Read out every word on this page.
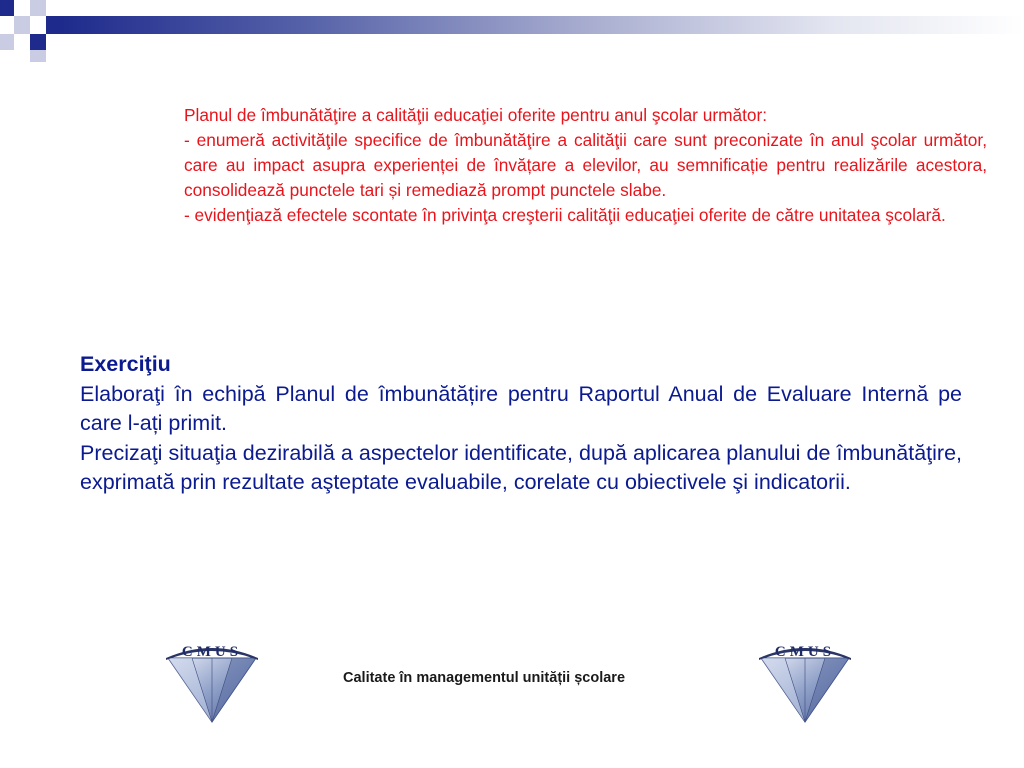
Planul de îmbunătăţire a calităţii educaţiei oferite pentru anul şcolar următor:

- enumeră activităţile specifice de îmbunătăţire a calităţii care sunt preconizate în anul şcolar următor, care au impact asupra experienței de învățare a elevilor, au semnificație pentru realizările acestora, consolidează punctele tari și remediază prompt punctele slabe.

- evidenţiază efectele scontate în privinţa creşterii calităţii educaţiei oferite de către unitatea şcolară.

Exerciţiu

Elaboraţi în echipă Planul de îmbunătățire pentru Raportul Anual de Evaluare Internă pe care l-ați primit.

Precizaţi situaţia dezirabilă a aspectelor identificate, după aplicarea planului de îmbunătăţire, exprimată prin rezultate aşteptate evaluabile, corelate cu obiectivele şi indicatorii.

CMUS
Calitate în managementul unității școlare
CMUS
